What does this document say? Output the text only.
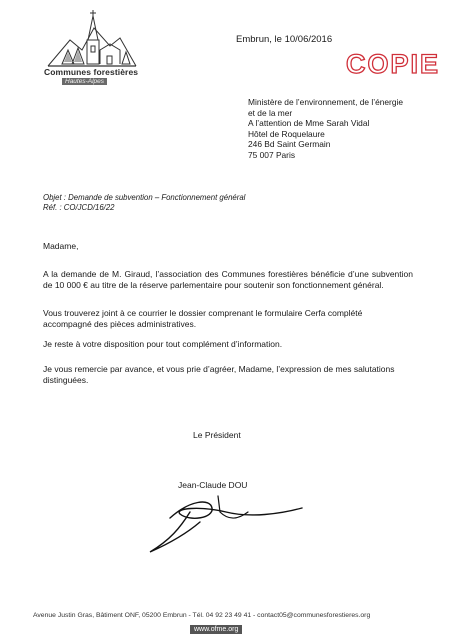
Communes forestières
Hautes-Alpes
Embrun, le 10/06/2016
COPIE
Ministère de l’environnement, de l’énergie
et de la mer
A l’attention de Mme Sarah Vidal
Hôtel de Roquelaure
246 Bd Saint Germain
75 007 Paris
Objet : Demande de subvention – Fonctionnement général
Réf. : CO/JCD/16/22
Madame,
A la demande de M. Giraud, l’association des Communes forestières bénéficie d’une subvention de 10 000 € au titre de la réserve parlementaire pour soutenir son fonctionnement général.
Vous trouverez joint à ce courrier le dossier comprenant le formulaire Cerfa complété accompagné des pièces administratives.
Je reste à votre disposition pour tout complément d’information.
Je vous remercie par avance, et vous prie d’agréer, Madame, l’expression de mes salutations distinguées.
Le Président
Jean-Claude DOU
Avenue Justin Gras, Bâtiment ONF, 05200 Embrun - Tél. 04 92 23 49 41 - contact05@communesforestieres.org
www.ofme.org
